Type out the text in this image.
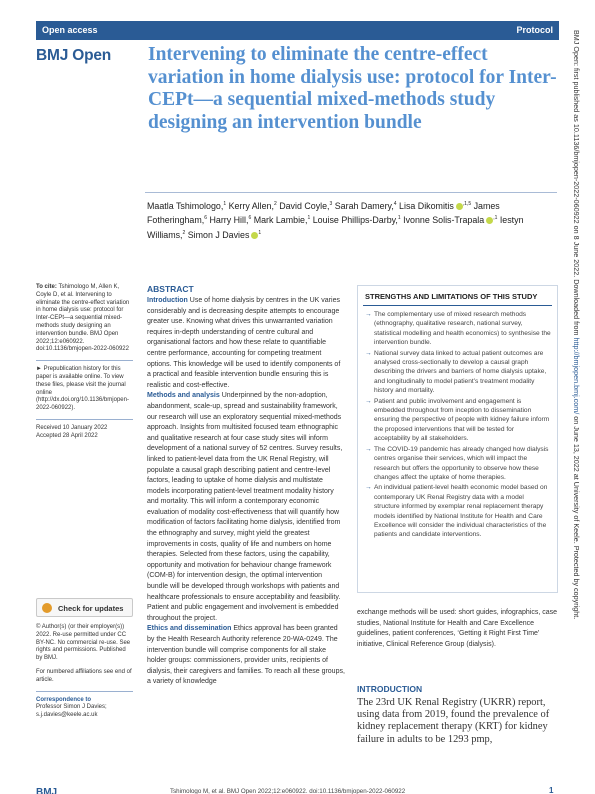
Open access	Protocol
BMJ Open Intervening to eliminate the centre-effect variation in home dialysis use: protocol for Inter-CEPt—a sequential mixed-methods study designing an intervention bundle
Maatla Tshimologo,$^1$ Kerry Allen,$^2$ David Coyle,$^3$ Sarah Damery,$^4$ Lisa Dikomitis $^{,1,5}$ James Fotheringham,$^6$ Harry Hill,$^6$ Mark Lambie,$^1$ Louise Phillips-Darby,$^1$ Ivonne Solis-Trapala $^{,1}$ Iestyn Williams,$^2$ Simon J Davies $^1$

To cite: Tshimologo M, Allen K, Coyle D, et al. Intervening to eliminate the centre-effect variation in home dialysis use: protocol for Inter-CEPt—a sequential mixed-methods study designing an intervention bundle. BMJ Open 2022;12:e060922. doi:10.1136/bmjopen-2022-060922

► Prepublication history for this paper is available online. To view these files, please visit the journal online (http://dx.doi.org/10.1136/bmjopen-2022-060922).

Received 10 January 2022

Accepted 28 April 2022

Check for updates

© Author(s) (or their employer(s)) 2022. Re-use permitted under CC BY-NC. No commercial re-use. See rights and permissions. Published by BMJ.

For numbered affiliations see end of article.

Correspondence to

Professor Simon J Davies; s.j.davies@keele.ac.uk

ABSTRACT
Introduction Use of home dialysis by centres in the UK varies considerably and is decreasing despite attempts to encourage greater use. Knowing what drives this unwarranted variation requires in-depth understanding of centre cultural and organisational factors and how these relate to quantifiable centre performance, accounting for competing treatment options. This knowledge will be used to identify components of a practical and feasible intervention bundle ensuring this is realistic and cost-effective.
Methods and analysis Underpinned by the non-adoption, abandonment, scale-up, spread and sustainability framework, our research will use an exploratory sequential mixed-methods approach. Insights from multisited focused team ethnographic and qualitative research at four case study sites will inform development of a national survey of 52 centres. Survey results, linked to patient-level data from the UK Renal Registry, will populate a causal graph describing patient and centre-level factors, leading to uptake of home dialysis and multistate models incorporating patient-level treatment modality history and mortality. This will inform a contemporary economic evaluation of modality cost-effectiveness that will quantify how modification of factors facilitating home dialysis, identified from the ethnography and survey, might yield the greatest improvements in costs, quality of life and numbers on home therapies. Selected from these factors, using the capability, opportunity and motivation for behaviour change framework (COM-B) for intervention design, the optimal intervention bundle will be developed through workshops with patients and healthcare professionals to ensure acceptability and feasibility. Patient and public engagement and involvement is embedded throughout the project.
Ethics and dissemination Ethics approval has been granted by the Health Research Authority reference 20-WA-0249. The intervention bundle will comprise components for all stake holder groups: commissioners, provider units, recipients of dialysis, their caregivers and families. To reach all these groups, a variety of knowledge
STRENGTHS AND LIMITATIONS OF THIS STUDY
→ The complementary use of mixed research methods (ethnography, qualitative research, national survey, statistical modelling and health economics) to synthesise the intervention bundle.
→ National survey data linked to actual patient outcomes are analysed cross-sectionally to develop a causal graph describing the drivers and barriers of home dialysis uptake, and longitudinally to model patient’s treatment modality history and mortality.
→ Patient and public involvement and engagement is embedded throughout from inception to dissemination ensuring the perspective of people with kidney failure inform the proposed interventions that will be tested for acceptability by all stakeholders.
→ The COVID-19 pandemic has already changed how dialysis centres organise their services, which will impact the research but offers the opportunity to observe how these changes affect the uptake of home therapies.
→ An individual patient-level health economic model based on contemporary UK Renal Registry data with a model structure informed by exemplar renal replacement therapy models identified by National Institute for Health and Care Excellence will consider the individual characteristics of the patients and candidate interventions.
exchange methods will be used: short guides, infographics, case studies, National Institute for Health and Care Excellence guidelines, patient conferences, ‘Getting it Right First Time’ initiative, Clinical Reference Group (dialysis).
INTRODUCTION
The 23rd UK Renal Registry (UKRR) report, using data from 2019, found the prevalence of kidney replacement therapy (KRT) for kidney failure in adults to be 1293 pmp,
BMJ Open: first published as 10.1136/bmjopen-2022-060922 on 8 June 2022. Downloaded from http://bmjopen.bmj.com/ on June 13, 2022 at University of Keele. Protected by copyright.
BMJ	Tshimologo M, et al. BMJ Open 2022;12:e060922. doi:10.1136/bmjopen-2022-060922	1
